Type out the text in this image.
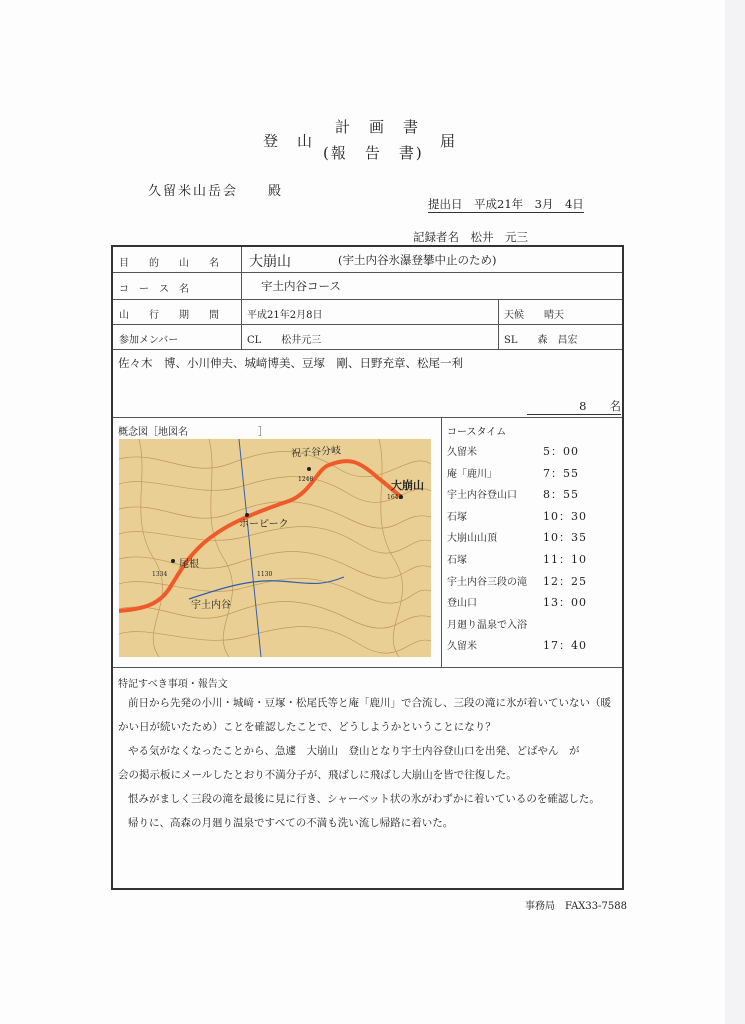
登　山
計　画　書
(報　告　書)
届
久留米山岳会　　殿
提出日　平成21年　3月　4日
記録者名　松井　元三
目　　的　　山　　名 大崩山	(宇土内谷氷瀑登攀中止のため)
コ　ー　ス　名	宇土内谷コース
山　　行　　期　　間	平成21年2月8日	天候　　晴天
参加メンバー	CL　　松井元三	SL　　森　昌宏
佐々木　博、小川伸夫、城﨑博美、豆塚　剛、日野充章、松尾一利
8　　名
概念図［地図名　　　　　　　］
祝子谷分岐
大崩山
1643
1248
ホーピーク
尾根
1334	1130
宇土内谷
コースタイム
久留米	5：00
庵「鹿川」	7：55
宇土内谷登山口 8：55
石塚	10：30
大崩山山頂	10：35
石塚	11：10
宇土内谷三段の滝 12：25
登山口	13：00
月廻り温泉で入浴
久留米	17：40
特記すべき事項・報告文
前日から先発の小川・城﨑・豆塚・松尾氏等と庵「鹿川」で合流し、三段の滝に氷が着いていない（暖
かい日が続いたため）ことを確認したことで、どうしようかということになり？
やる気がなくなったことから、急遽　大崩山　登山となり宇土内谷登山口を出発、どばやん　が
会の掲示板にメールしたとおり不満分子が、飛ばしに飛ばし大崩山を皆で往復した。
恨みがましく三段の滝を最後に見に行き、シャーベット状の氷がわずかに着いているのを確認した。
帰りに、高森の月廻り温泉ですべての不満も洗い流し帰路に着いた。
事務局　FAX33-7588
